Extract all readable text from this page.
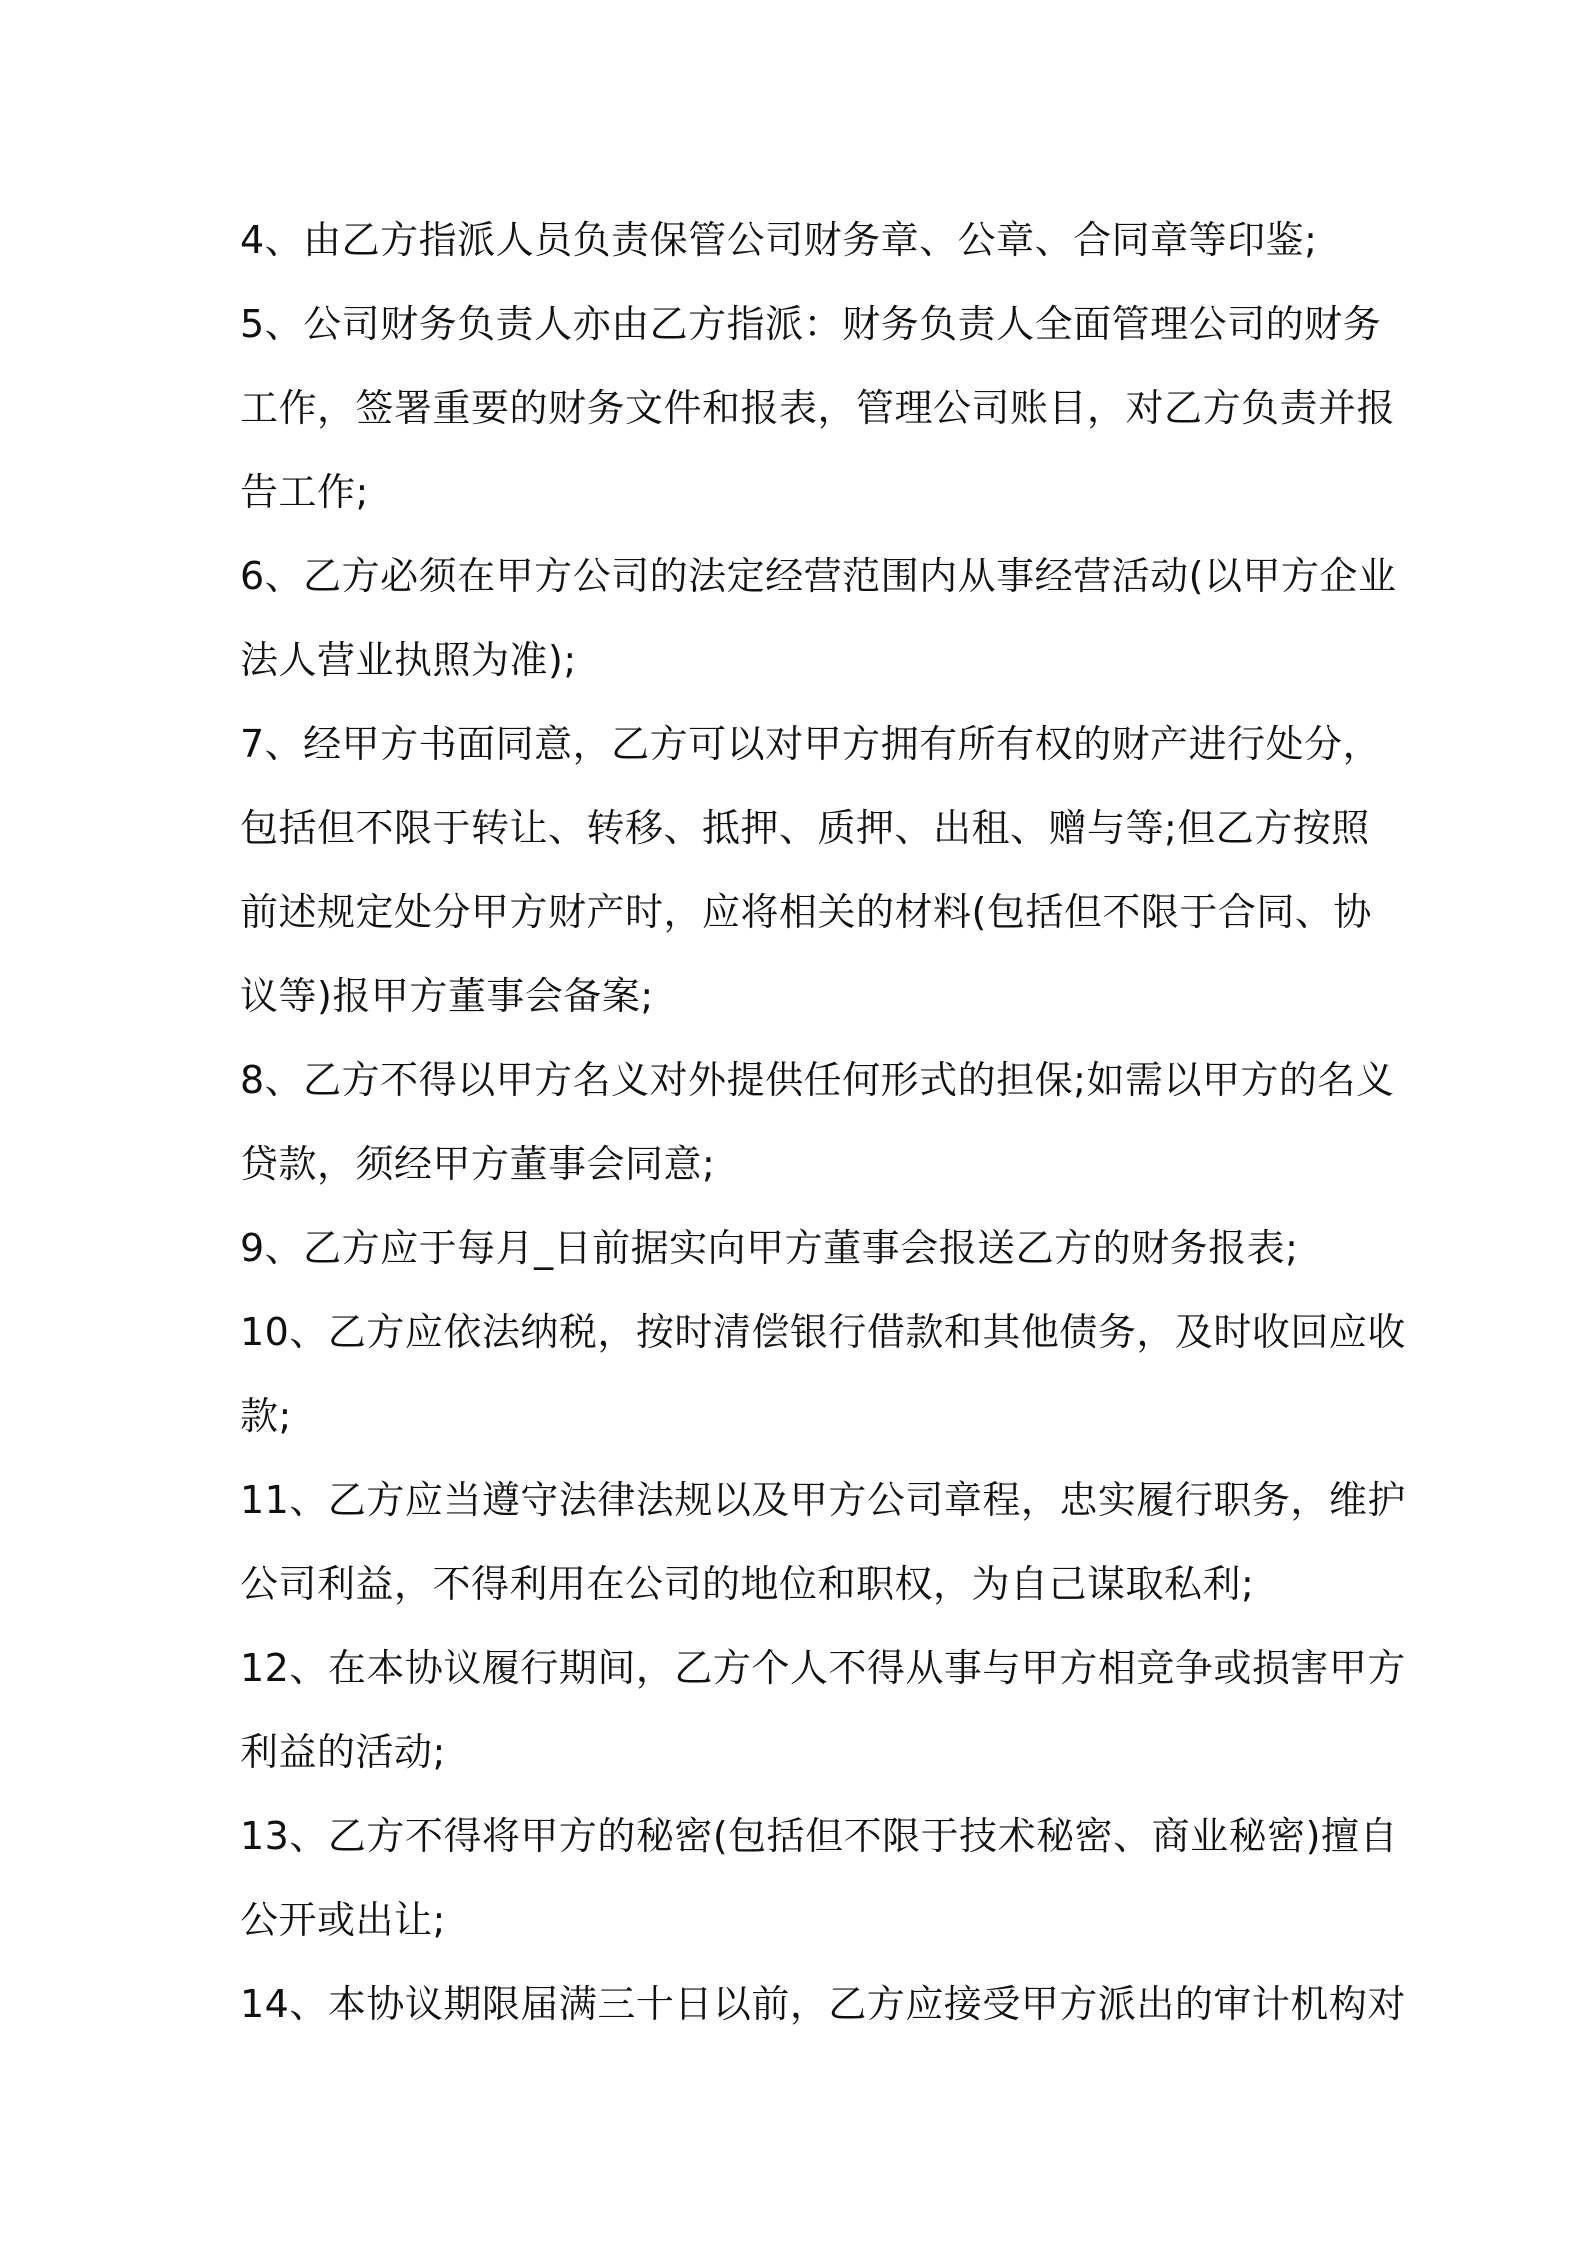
4、由乙方指派人员负责保管公司财务章、公章、合同章等印鉴;
5、公司财务负责人亦由乙方指派：财务负责人全面管理公司的财务
工作，签署重要的财务文件和报表，管理公司账目，对乙方负责并报
告工作;
6、乙方必须在甲方公司的法定经营范围内从事经营活动(以甲方企业
法人营业执照为准);
7、经甲方书面同意，乙方可以对甲方拥有所有权的财产进行处分，
包括但不限于转让、转移、抵押、质押、出租、赠与等;但乙方按照
前述规定处分甲方财产时，应将相关的材料(包括但不限于合同、协
议等)报甲方董事会备案;
8、乙方不得以甲方名义对外提供任何形式的担保;如需以甲方的名义
贷款，须经甲方董事会同意;
9、乙方应于每月_日前据实向甲方董事会报送乙方的财务报表;
10、乙方应依法纳税，按时清偿银行借款和其他债务，及时收回应收
款;
11、乙方应当遵守法律法规以及甲方公司章程，忠实履行职务，维护
公司利益，不得利用在公司的地位和职权，为自己谋取私利;
12、在本协议履行期间，乙方个人不得从事与甲方相竞争或损害甲方
利益的活动;
13、乙方不得将甲方的秘密(包括但不限于技术秘密、商业秘密)擅自
公开或出让;
14、本协议期限届满三十日以前，乙方应接受甲方派出的审计机构对
